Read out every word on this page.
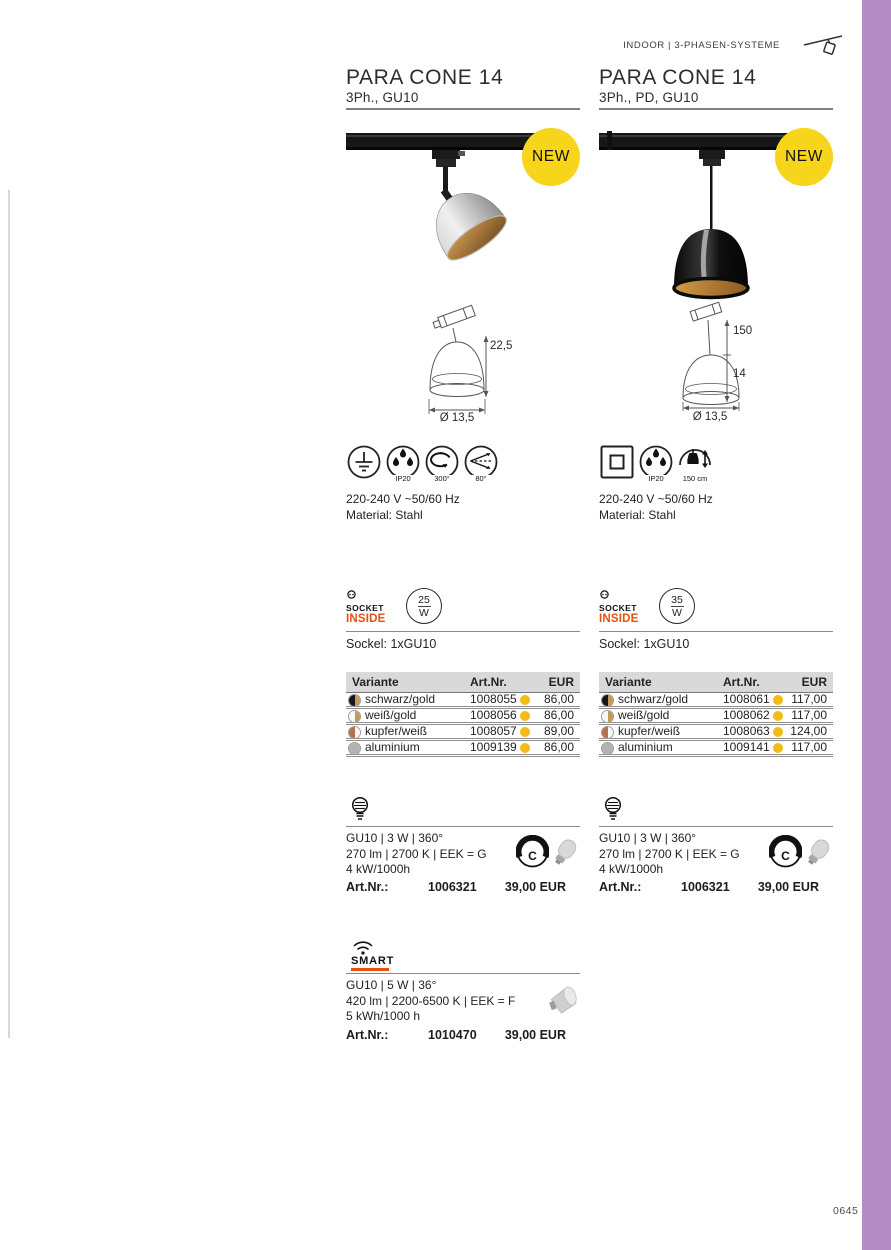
INDOOR | 3-PHASEN-SYSTEME
PARA CONE 14
3Ph., GU10
NEW
22,5
Ø 13,5
IP20	300°	80°
220-240 V ~50/60 Hz
Material: Stahl
SOCKET
INSIDE
25
W
Sockel: 1xGU10
Variante	Art.Nr.	EUR
schwarz/gold	1008055 86,00
weiß/gold	1008056 86,00
kupfer/weiß	1008057 89,00
aluminium	1009139 86,00
GU10 | 3 W | 360°
270 lm | 2700 K | EEK = G
4 kW/1000h
C
Art.Nr.:	1006321	39,00 EUR
SMART
GU10 | 5 W | 36°
420 lm | 2200-6500 K | EEK = F
5 kWh/1000 h
Art.Nr.:	1010470	39,00 EUR
PARA CONE 14
3Ph., PD, GU10
NEW
150
14
Ø 13,5
IP20	150 cm
220-240 V ~50/60 Hz
Material: Stahl
SOCKET
INSIDE
35
W
Sockel: 1xGU10
Variante	Art.Nr.	EUR
schwarz/gold	1008061 117,00
weiß/gold	1008062 117,00
kupfer/weiß	1008063 124,00
aluminium	1009141 117,00
GU10 | 3 W | 360°
270 lm | 2700 K | EEK = G
4 kW/1000h
C
Art.Nr.:	1006321	39,00 EUR
0645
